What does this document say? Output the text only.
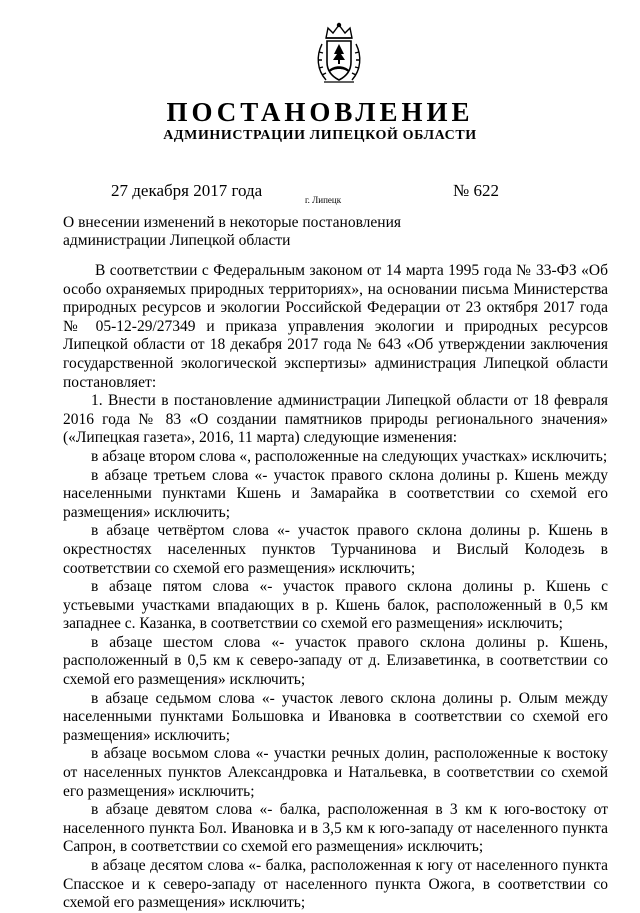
ПОСТАНОВЛЕНИЕ
АДМИНИСТРАЦИИ ЛИПЕЦКОЙ ОБЛАСТИ
27 декабря 2017 года	г. Липецк	№ 622
О внесении изменений в некоторые постановления
администрации Липецкой области

В соответствии с Федеральным законом от 14 марта 1995 года № 33-ФЗ «Об особо охраняемых природных территориях», на основании письма Министерства природных ресурсов и экологии Российской Федерации от 23 октября 2017 года № 05-12-29/27349 и приказа управления экологии и природных ресурсов Липецкой области от 18 декабря 2017 года № 643 «Об утверждении заключения государственной экологической экспертизы» администрация Липецкой области постановляет:

1. Внести в постановление администрации Липецкой области от 18 февраля 2016 года № 83 «О создании памятников природы регионального значения» («Липецкая газета», 2016, 11 марта) следующие изменения:

в абзаце втором слова «, расположенные на следующих участках» исключить;

в абзаце третьем слова «- участок правого склона долины р. Кшень между населенными пунктами Кшень и Замарайка в соответствии со схемой его размещения» исключить;

в абзаце четвёртом слова «- участок правого склона долины р. Кшень в окрестностях населенных пунктов Турчанинова и Вислый Колодезь в соответствии со схемой его размещения» исключить;

в абзаце пятом слова «- участок правого склона долины р. Кшень с устьевыми участками впадающих в р. Кшень балок, расположенный в 0,5 км западнее с. Казанка, в соответствии со схемой его размещения» исключить;

в абзаце шестом слова «- участок правого склона долины р. Кшень, расположенный в 0,5 км к северо-западу от д. Елизаветинка, в соответствии со схемой его размещения» исключить;

в абзаце седьмом слова «- участок левого склона долины р. Олым между населенными пунктами Большовка и Ивановка в соответствии со схемой его размещения» исключить;

в абзаце восьмом слова «- участки речных долин, расположенные к востоку от населенных пунктов Александровка и Натальевка, в соответствии со схемой его размещения» исключить;

в абзаце девятом слова «- балка, расположенная в 3 км к юго-востоку от населенного пункта Бол. Ивановка и в 3,5 км к юго-западу от населенного пункта Сапрон, в соответствии со схемой его размещения» исключить;

в абзаце десятом слова «- балка, расположенная к югу от населенного пункта Спасское и к северо-западу от населенного пункта Ожога, в соответствии со схемой его размещения» исключить;
